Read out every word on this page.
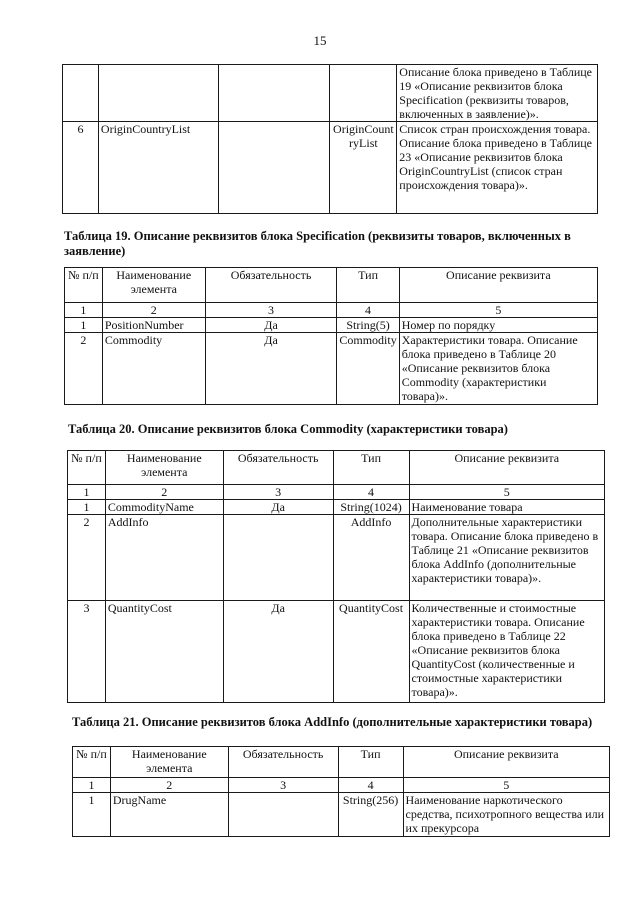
15
				Описание блока приведено в Таблице 19 «Описание реквизитов блока Specification (реквизиты товаров, включенных в заявление)».
6	OriginCountryList		OriginCountryList	Список стран происхождения товара. Описание блока приведено в Таблице 23 «Описание реквизитов блока OriginCountryList (список стран происхождения товара)».
Таблица 19. Описание реквизитов блока Specification (реквизиты товаров, включенных в заявление)
№ п/п	Наименование элемента	Обязательность	Тип	Описание реквизита
1	2	3	4	5
1	PositionNumber	Да	String(5)	Номер по порядку
2	Commodity	Да	Commodity	Характеристики товара. Описание блока приведено в Таблице 20 «Описание реквизитов блока Commodity (характеристики товара)».
Таблица 20. Описание реквизитов блока Commodity (характеристики товара)
№ п/п	Наименование элемента	Обязательность	Тип	Описание реквизита
1	2	3	4	5
1	CommodityName	Да	String(1024)	Наименование товара
2	AddInfo		AddInfo	Дополнительные характеристики товара. Описание блока приведено в Таблице 21 «Описание реквизитов блока AddInfo (дополнительные характеристики товара)».
3	QuantityCost	Да	QuantityCost	Количественные и стоимостные характеристики товара. Описание блока приведено в Таблице 22 «Описание реквизитов блока QuantityCost (количественные и стоимостные характеристики товара)».
Таблица 21. Описание реквизитов блока AddInfo (дополнительные характеристики товара)
№ п/п	Наименование элемента	Обязательность	Тип	Описание реквизита
1	2	3	4	5
1	DrugName		String(256)	Наименование наркотического средства, психотропного вещества или их прекурсора
